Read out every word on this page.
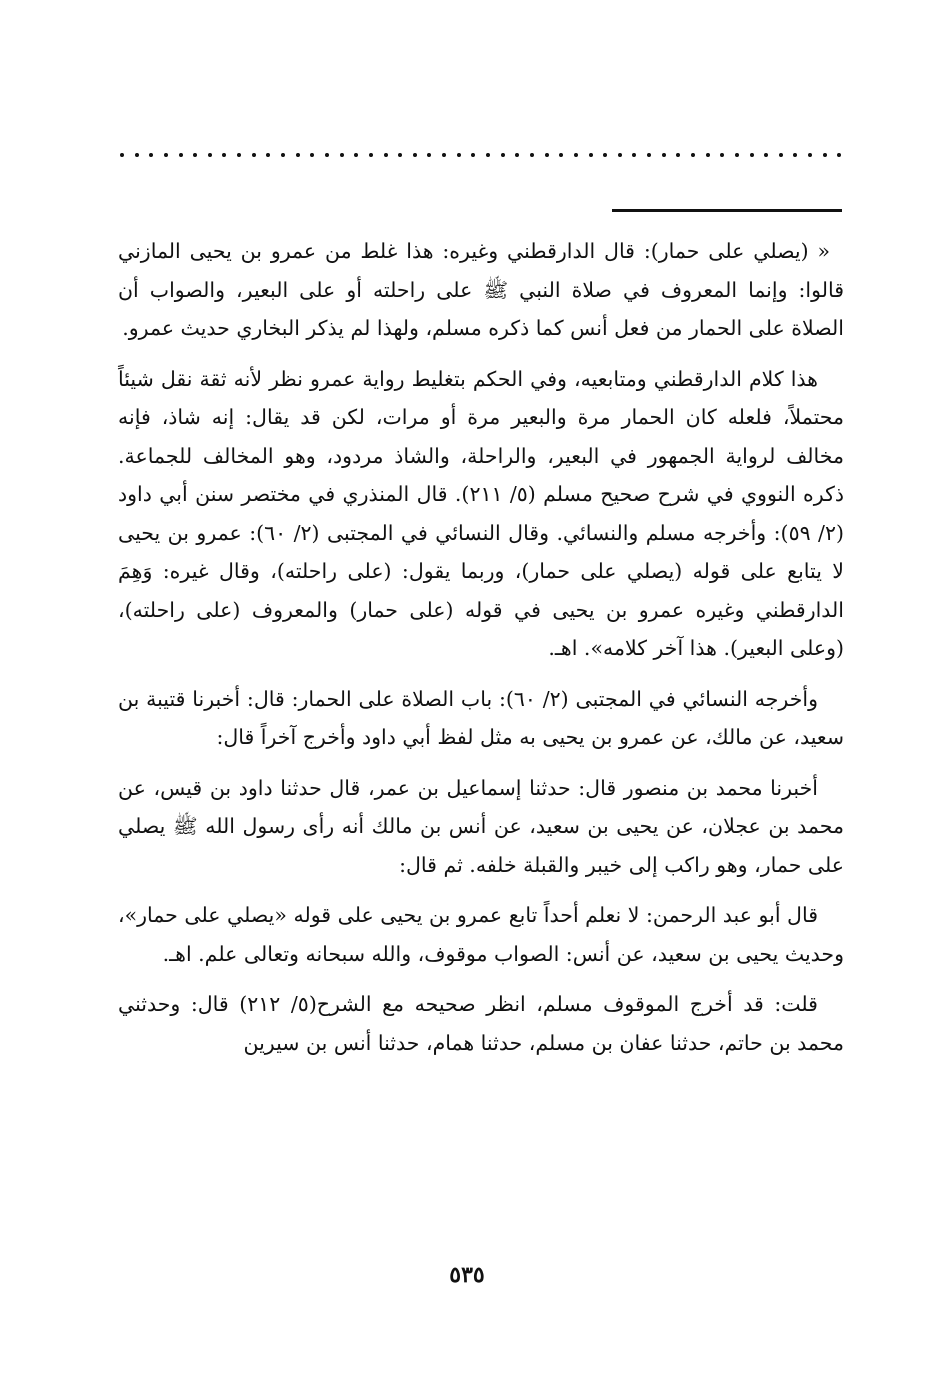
« (يصلي على حمار): قال الدارقطني وغيره: هذا غلط من عمرو بن يحيى المازني قالوا: وإنما المعروف في صلاة النبي ﷺ على راحلته أو على البعير، والصواب أن الصلاة على الحمار من فعل أنس كما ذكره مسلم، ولهذا لم يذكر البخاري حديث عمرو.

هذا كلام الدارقطني ومتابعيه، وفي الحكم بتغليط رواية عمرو نظر لأنه ثقة نقل شيئاً محتملاً، فلعله كان الحمار مرة والبعير مرة أو مرات، لكن قد يقال: إنه شاذ، فإنه مخالف لرواية الجمهور في البعير، والراحلة، والشاذ مردود، وهو المخالف للجماعة. ذكره النووي في شرح صحيح مسلم (٥/ ٢١١). قال المنذري في مختصر سنن أبي داود (٢/ ٥٩): وأخرجه مسلم والنسائي. وقال النسائي في المجتبى (٢/ ٦٠): عمرو بن يحيى لا يتابع على قوله (يصلي على حمار)، وربما يقول: (على راحلته)، وقال غيره: وَهِمَ الدارقطني وغيره عمرو بن يحيى في قوله (على حمار) والمعروف (على راحلته)، (وعلى البعير). هذا آخر كلامه». اهـ.

وأخرجه النسائي في المجتبى (٢/ ٦٠): باب الصلاة على الحمار: قال: أخبرنا قتيبة بن سعيد، عن مالك، عن عمرو بن يحيى به مثل لفظ أبي داود وأخرج آخراً قال:

أخبرنا محمد بن منصور قال: حدثنا إسماعيل بن عمر، قال حدثنا داود بن قيس، عن محمد بن عجلان، عن يحيى بن سعيد، عن أنس بن مالك أنه رأى رسول الله ﷺ يصلي على حمار، وهو راكب إلى خيبر والقبلة خلفه. ثم قال:

قال أبو عبد الرحمن: لا نعلم أحداً تابع عمرو بن يحيى على قوله «يصلي على حمار»، وحديث يحيى بن سعيد، عن أنس: الصواب موقوف، والله سبحانه وتعالى علم. اهـ.

قلت: قد أخرج الموقوف مسلم، انظر صحيحه مع الشرح(٥/ ٢١٢) قال: وحدثني محمد بن حاتم، حدثنا عفان بن مسلم، حدثنا همام، حدثنا أنس بن سيرين

٥٣٥
